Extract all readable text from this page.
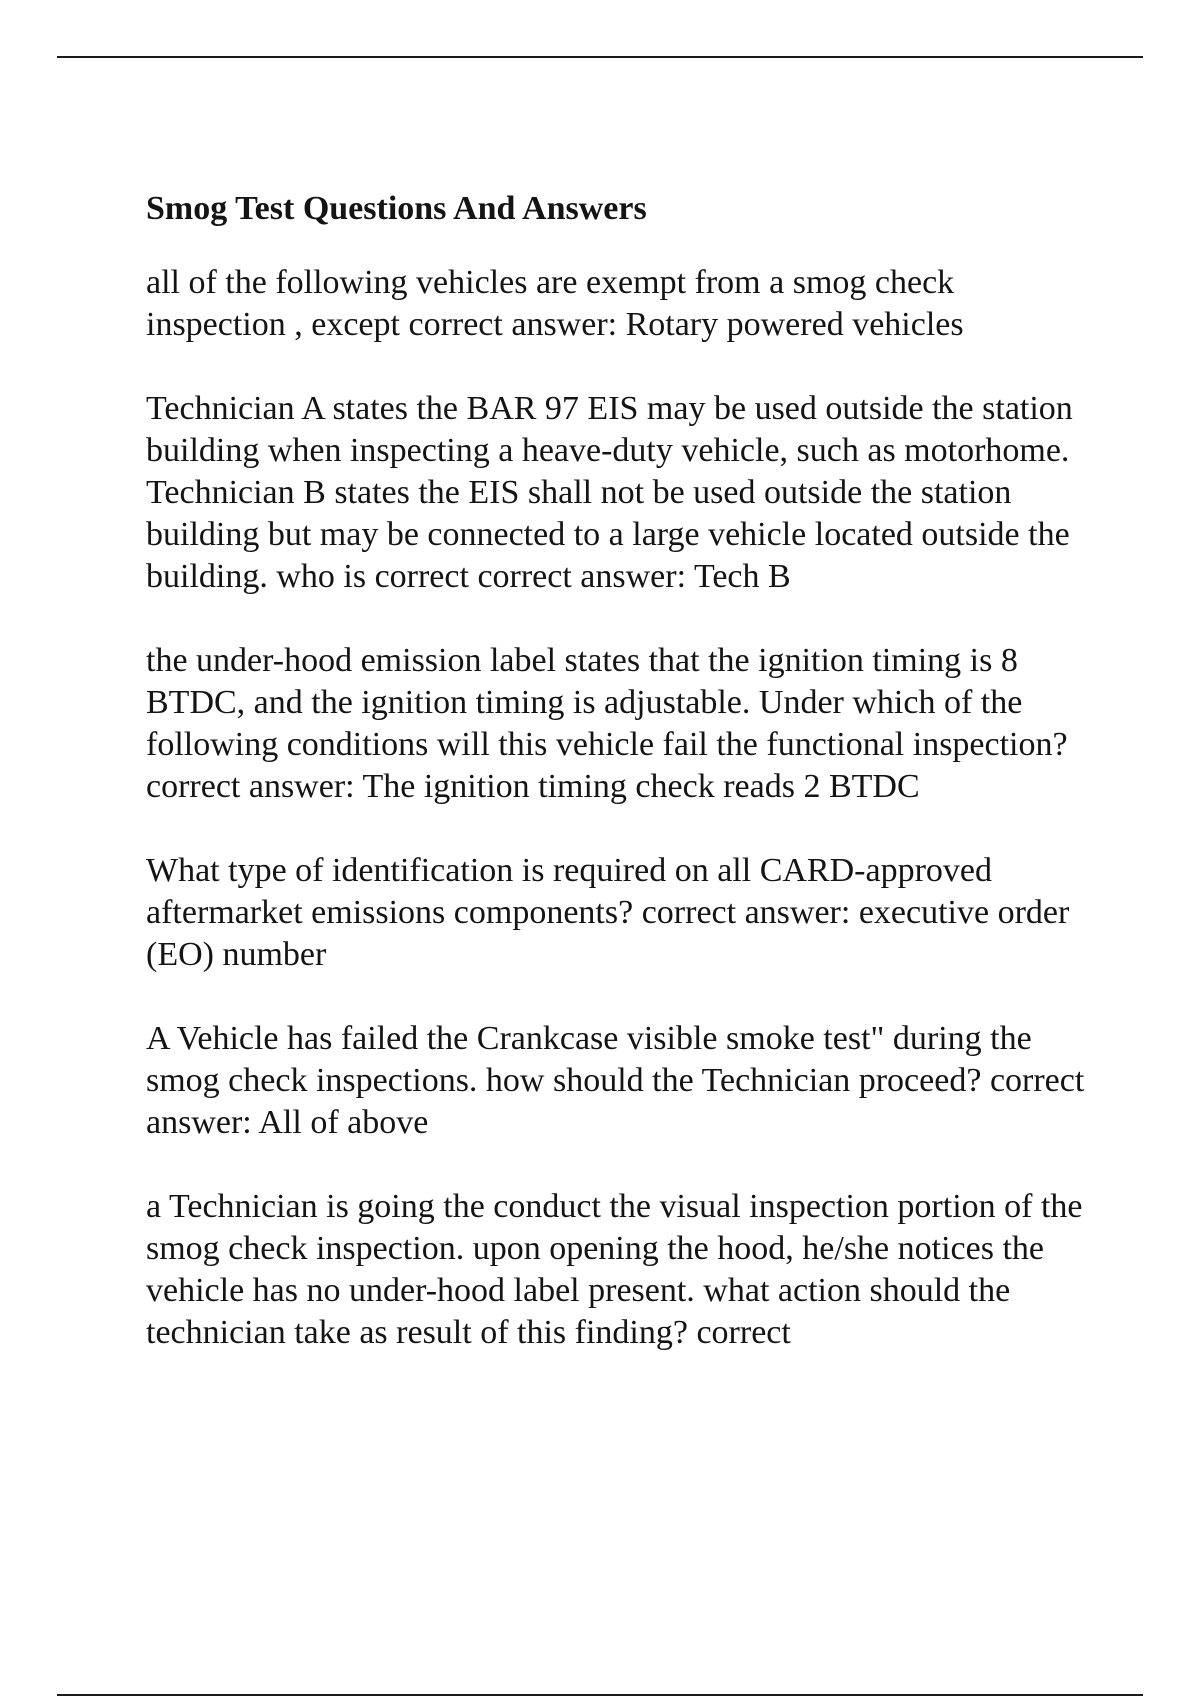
Smog Test Questions And Answers

all of the following vehicles are exempt from a smog check inspection , except correct answer: Rotary powered vehicles

Technician A states the BAR 97 EIS may be used outside the station building when inspecting a heave-duty vehicle, such as motorhome. Technician B states the EIS shall not be used outside the station building but may be connected to a large vehicle located outside the building. who is correct correct answer: Tech B

the under-hood emission label states that the ignition timing is 8 BTDC, and the ignition timing is adjustable. Under which of the following conditions will this vehicle fail the functional inspection? correct answer: The ignition timing check reads 2 BTDC

What type of identification is required on all CARD-approved aftermarket emissions components? correct answer: executive order (EO) number

A Vehicle has failed the Crankcase visible smoke test" during the smog check inspections. how should the Technician proceed? correct answer: All of above

a Technician is going the conduct the visual inspection portion of the smog check inspection. upon opening the hood, he/she notices the vehicle has no under-hood label present. what action should the technician take as result of this finding? correct
